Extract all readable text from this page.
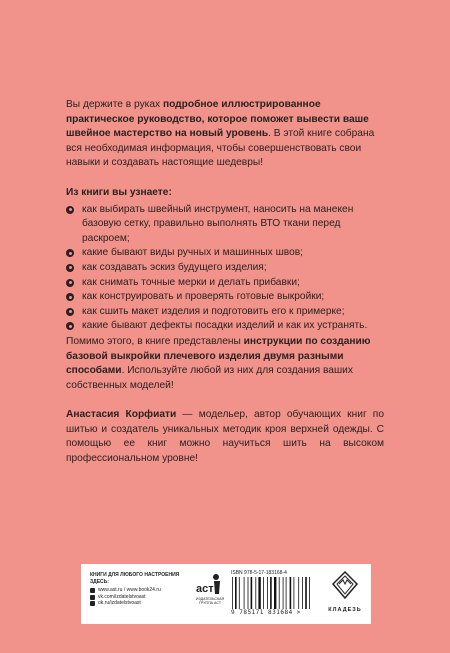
Вы держите в руках подробное иллюстрированное практическое руководство, которое поможет вывести ваше швейное мастерство на новый уровень. В этой книге собрана вся необходимая информация, чтобы совершенствовать свои навыки и создавать настоящие шедевры!
Из книги вы узнаете:
как выбирать швейный инструмент, наносить на манекен базовую сетку, правильно выполнять ВТО ткани перед раскроем;
какие бывают виды ручных и машинных швов;
как создавать эскиз будущего изделия;
как снимать точные мерки и делать прибавки;
как конструировать и проверять готовые выкройки;
как сшить макет изделия и подготовить его к примерке;
какие бывают дефекты посадки изделий и как их устранять.
Помимо этого, в книге представлены инструкции по созданию базовой выкройки плечевого изделия двумя разными способами. Используйте любой из них для создания ваших собственных моделей!
Анастасия Корфиати — модельер, автор обучающих книг по шитью и создатель уникальных методик кроя верхней одежды. С помощью ее книг можно научиться шить на высоком профессиональном уровне!
КНИГИ ДЛЯ ЛЮБОГО НАСТРОЕНИЯ ЗДЕСЬ:
www.ast.ru / www.book24.ru
vk.com/izdatelstvoast
ok.ru/izdatelstvoast
аст
ИЗДАТЕЛЬСКАЯ ГРУППА АСТ
ISBN 978-5-17-183168-4
9 785171 831684 >	КЛАДЕЗЬ
